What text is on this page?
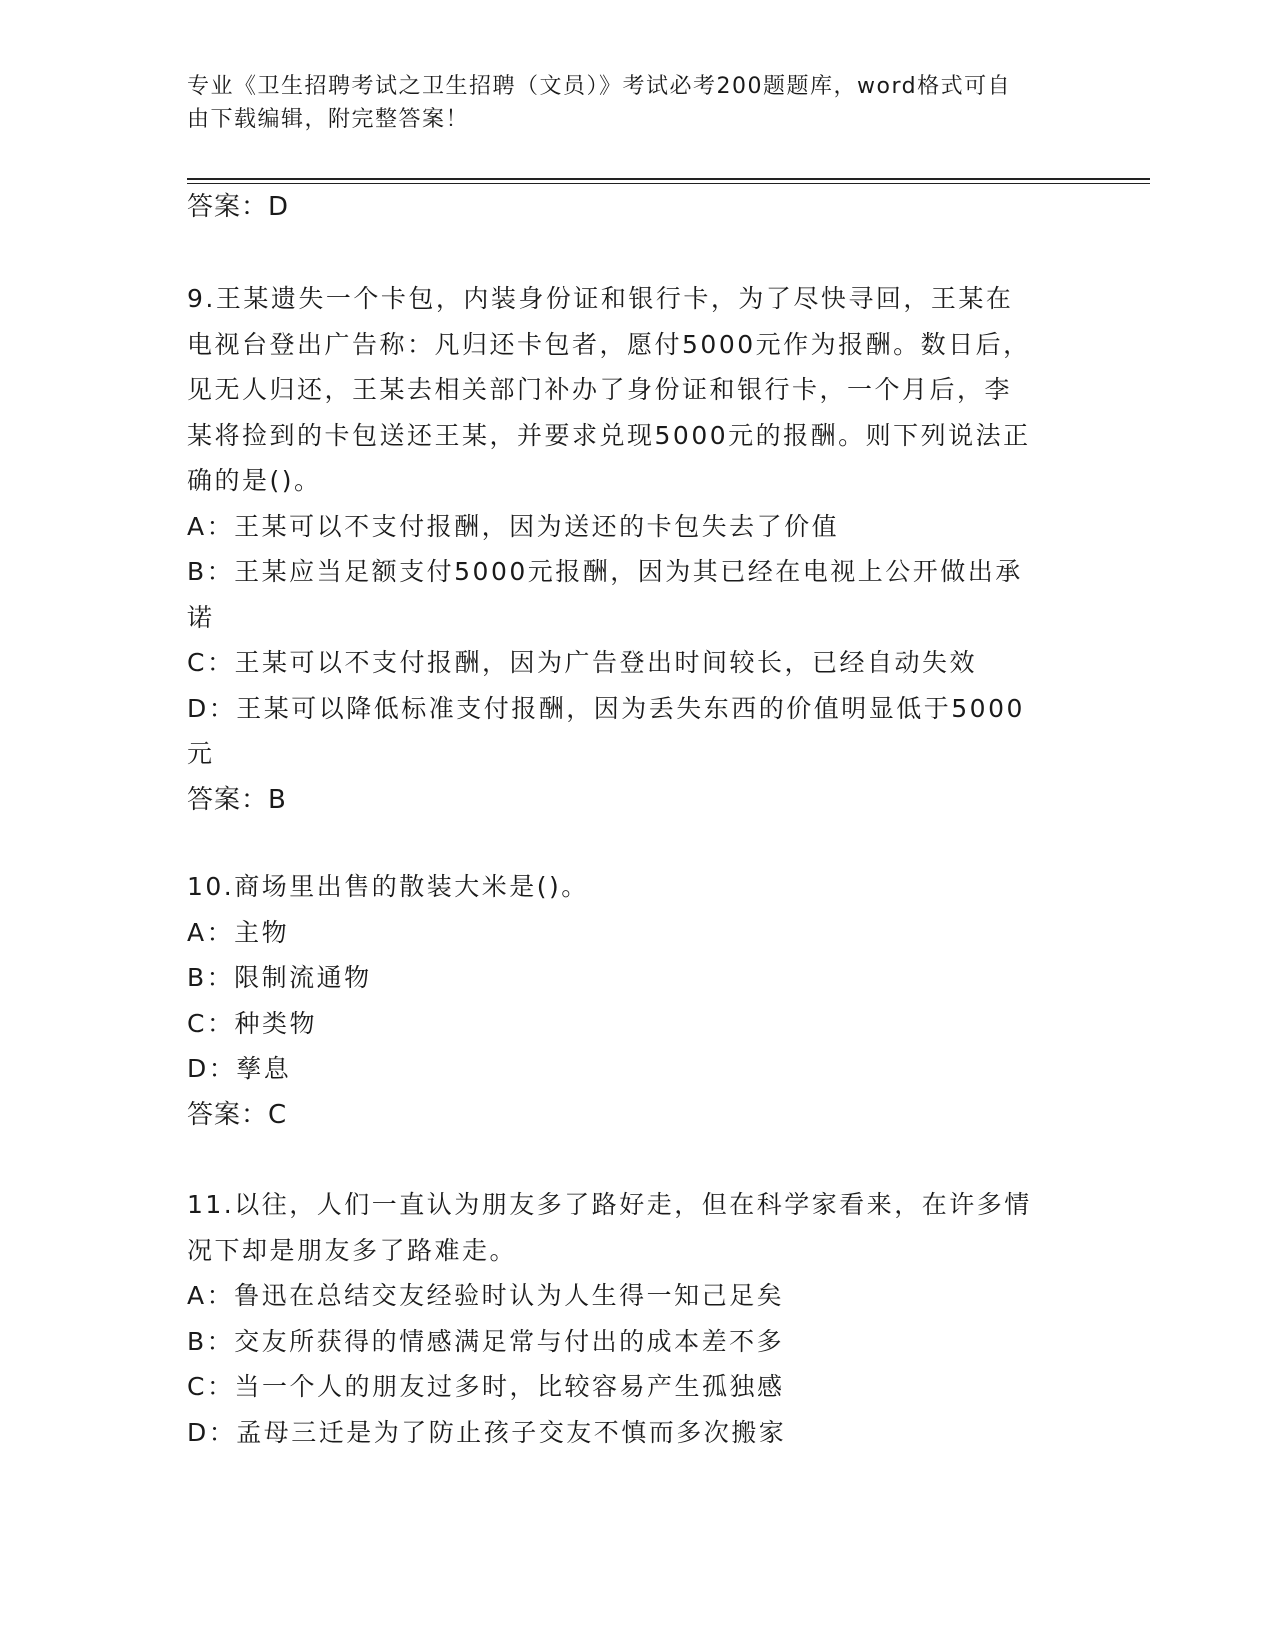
专业《卫生招聘考试之卫生招聘（文员）》考试必考200题题库，word格式可自
由下载编辑，附完整答案！
答案：D
9.王某遗失一个卡包，内装身份证和银行卡，为了尽快寻回，王某在
电视台登出广告称：凡归还卡包者，愿付5000元作为报酬。数日后，
见无人归还，王某去相关部门补办了身份证和银行卡，一个月后，李
某将捡到的卡包送还王某，并要求兑现5000元的报酬。则下列说法正
确的是()。
A：王某可以不支付报酬，因为送还的卡包失去了价值
B：王某应当足额支付5000元报酬，因为其已经在电视上公开做出承
诺
C：王某可以不支付报酬，因为广告登出时间较长，已经自动失效
D：王某可以降低标准支付报酬，因为丢失东西的价值明显低于5000
元
答案：B
10.商场里出售的散装大米是()。
A：主物
B：限制流通物
C：种类物
D：孳息
答案：C
11.以往，人们一直认为朋友多了路好走，但在科学家看来，在许多情
况下却是朋友多了路难走。
A：鲁迅在总结交友经验时认为人生得一知己足矣
B：交友所获得的情感满足常与付出的成本差不多
C：当一个人的朋友过多时，比较容易产生孤独感
D：孟母三迁是为了防止孩子交友不慎而多次搬家
